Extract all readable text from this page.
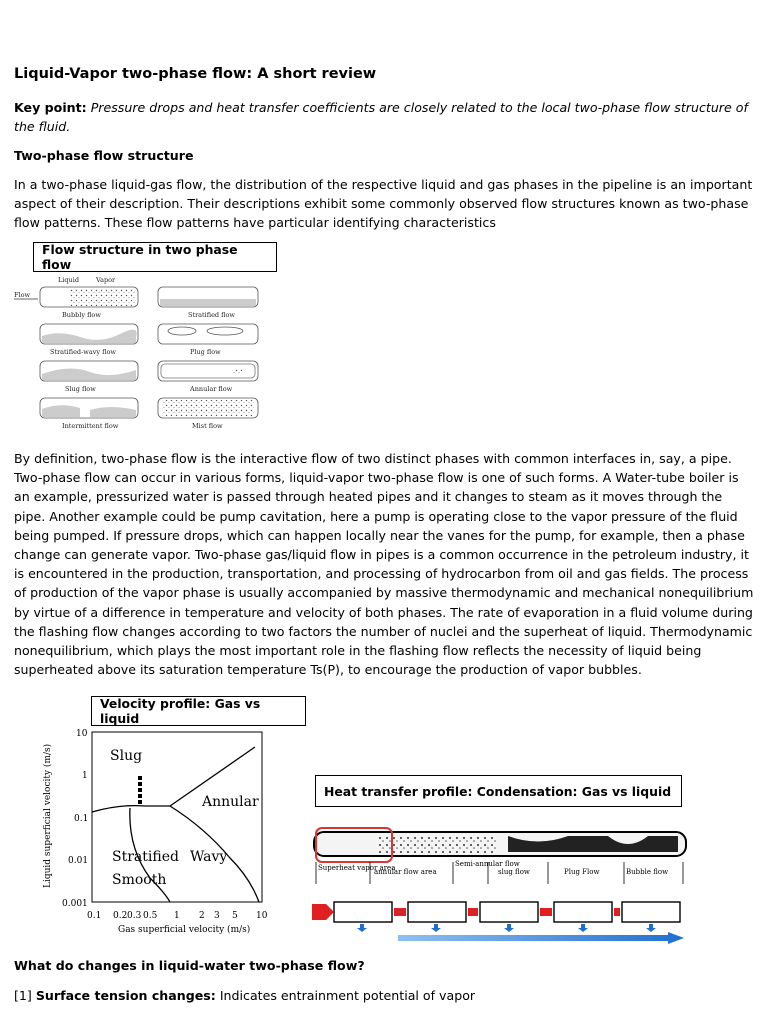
Liquid-Vapor two-phase flow: A short review
Key point: Pressure drops and heat transfer coefficients are closely related to the local two-phase flow structure of the fluid.
Two-phase flow structure
In a two-phase liquid-gas flow, the distribution of the respective liquid and gas phases in the pipeline is an important aspect of their description. Their descriptions exhibit some commonly observed flow structures known as two-phase flow patterns. These flow patterns have particular identifying characteristics
Flow structure in two phase flow
Liquid	Vapor
Flow
Bubbly flow	Stratified flow
Stratified-wavy flow	Plug flow
Slug flow	Annular flow
Intermittent flow	Mist flow
By definition, two-phase flow is the interactive flow of two distinct phases with common interfaces in, say, a pipe. Two-phase flow can occur in various forms, liquid-vapor two-phase flow is one of such forms. A Water-tube boiler is an example, pressurized water is passed through heated pipes and it changes to steam as it moves through the pipe. Another example could be pump cavitation, here a pump is operating close to the vapor pressure of the fluid being pumped. If pressure drops, which can happen locally near the vanes for the pump, for example, then a phase change can generate vapor. Two-phase gas/liquid flow in pipes is a common occurrence in the petroleum industry, it is encountered in the production, transportation, and processing of hydrocarbon from oil and gas fields. The process of production of the vapor phase is usually accompanied by massive thermodynamic and mechanical nonequilibrium by virtue of a difference in temperature and velocity of both phases. The rate of evaporation in a fluid volume during the flashing flow changes according to two factors the number of nuclei and the superheat of liquid. Thermodynamic nonequilibrium, which plays the most important role in the flashing flow reflects the necessity of liquid being superheated above its saturation temperature Ts(P), to encourage the production of vapor bubbles.
Velocity profile: Gas vs liquid
10
1
0.1
0.01
0.001
0.1 0.2 0.3 0.5 1 2 3 5 10
Gas superficial velocity (m/s)
Liquid superficial velocity (m/s)	Slug
Annular
Stratified Wavy
Smooth
Heat transfer profile: Condensation: Gas vs liquid
Superheat vapor area
annular flow area
Semi-annular flow
slug flow	Plug Flow	Bubble flow
What do changes in liquid-water two-phase flow?
[1] Surface tension changes: Indicates entrainment potential of vapor
